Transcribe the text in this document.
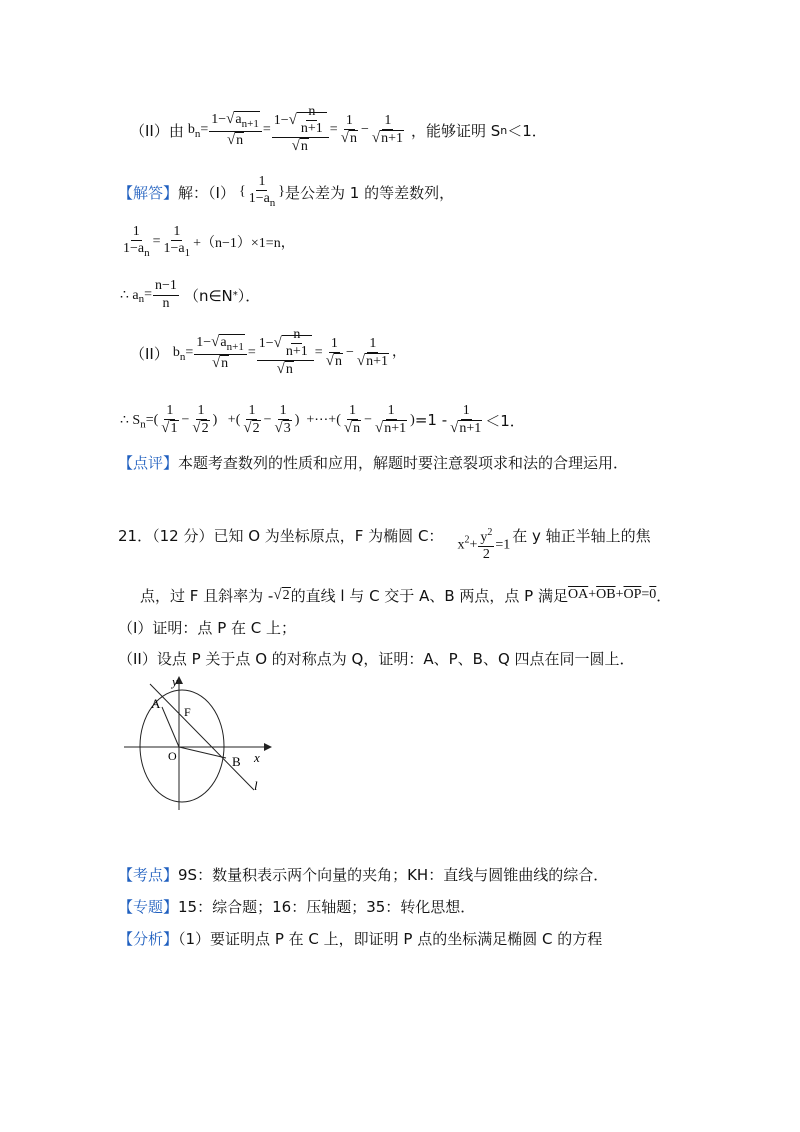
（II）由 $b_n= \frac{1-√a_{n+1}}{√n} = \frac{1-√ \frac{n}{n+1}}{√n} = \frac{1}{√n} - \frac{1}{√n+1}$ ，能够证明 S n ＜1．
【解答】 解：（I） { $\frac{1}{1-a_n}$ } 是公差为 1 的等差数列，
$\frac{1}{1-a_n} = \frac{1}{1-a_1} +(n-1)\times 1=n$，
∴ a $_n= \frac{n-1}{n}$ （n∈N * ）．
（II） $b_n= \frac{1-√a_{n+1}}{√n} = \frac{1-√ \frac{n}{n+1}}{√n} = \frac{1}{√n} - \frac{1}{√n+1}$ ，
∴ S $_n=( \frac{1}{√1} - \frac{1}{√2}$ )   +( $\frac{1}{√2} - \frac{1}{√3}$ )  +⋯+( $\frac{1}{√n} - \frac{1}{√n+1}$ ) $=1 - \frac{1}{√n+1} <1$．
【点评】本题考查数列的性质和应用，解题时要注意裂项求和法的合理运用．
21．（12 分）已知 O 为坐标原点，F 为椭圆 C：
$x^2+ \frac{y^2}{2} =1$
在 y 轴正半轴上的焦
点，过 F 且斜率为 - √2 的直线 l 与 C 交于 A、B 两点，点 P 满足 $\overline{OA}+\overline{OB}+\overline{OP}=0$ ．
（I）证明：点 P 在 C 上；
（II）设点 P 关于点 O 的对称点为 Q，证明：A、P、B、Q 四点在同一圆上．
y
x
A
F
O	B
l
【考点】9S：数量积表示两个向量的夹角；KH：直线与圆锥曲线的综合．
【专题】15：综合题；16：压轴题；35：转化思想．
【分析】（1）要证明点 P 在 C 上，即证明 P 点的坐标满足椭圆 C 的方程
